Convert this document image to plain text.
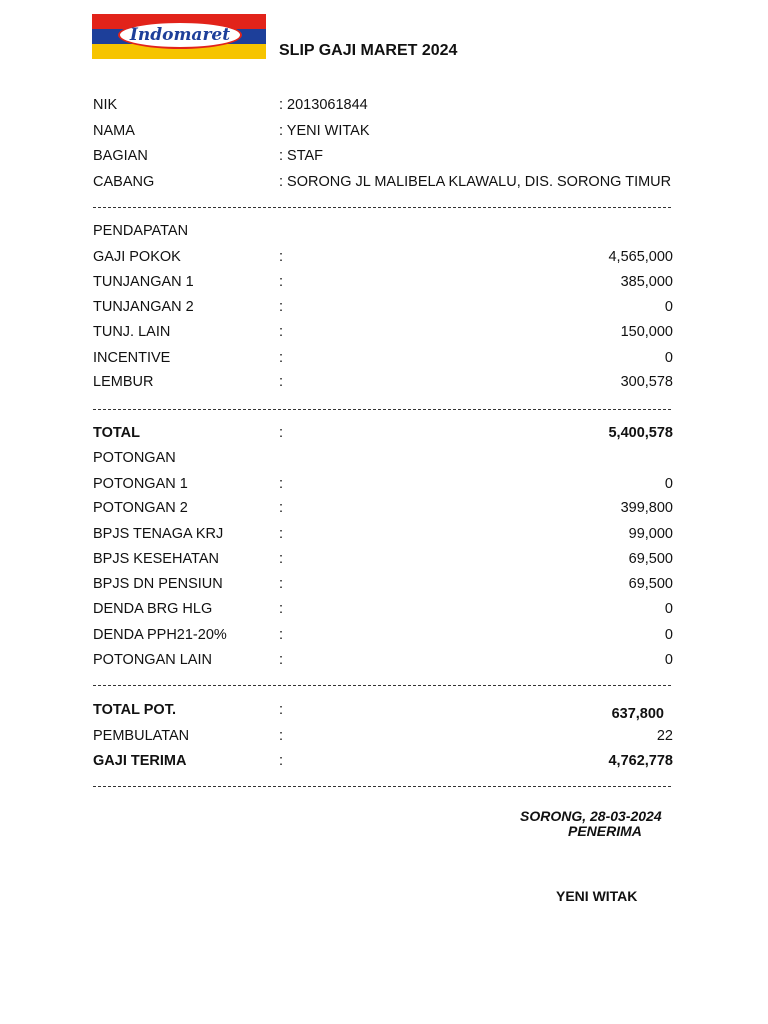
Indomaret
SLIP GAJI MARET 2024
NIK	: 2013061844
NAMA	: YENI WITAK
BAGIAN	: STAF
CABANG	: SORONG JL MALIBELA KLAWALU, DIS. SORONG TIMUR
PENDAPATAN
GAJI POKOK	:	4,565,000
TUNJANGAN 1	:	385,000
TUNJANGAN 2	:	0
TUNJ. LAIN	:	150,000
INCENTIVE	:	0
LEMBUR	:	300,578
TOTAL	:	5,400,578
POTONGAN
POTONGAN 1	:	0
POTONGAN 2	:	399,800
BPJS TENAGA KRJ	:	99,000
BPJS KESEHATAN	:	69,500
BPJS DN PENSIUN	:	69,500
DENDA BRG HLG	:	0
DENDA PPH21-20%	:	0
POTONGAN LAIN	:	0
TOTAL POT.	:	637,800
PEMBULATAN	:	22
GAJI TERIMA	:	4,762,778
SORONG, 28-03-2024
PENERIMA
YENI WITAK
